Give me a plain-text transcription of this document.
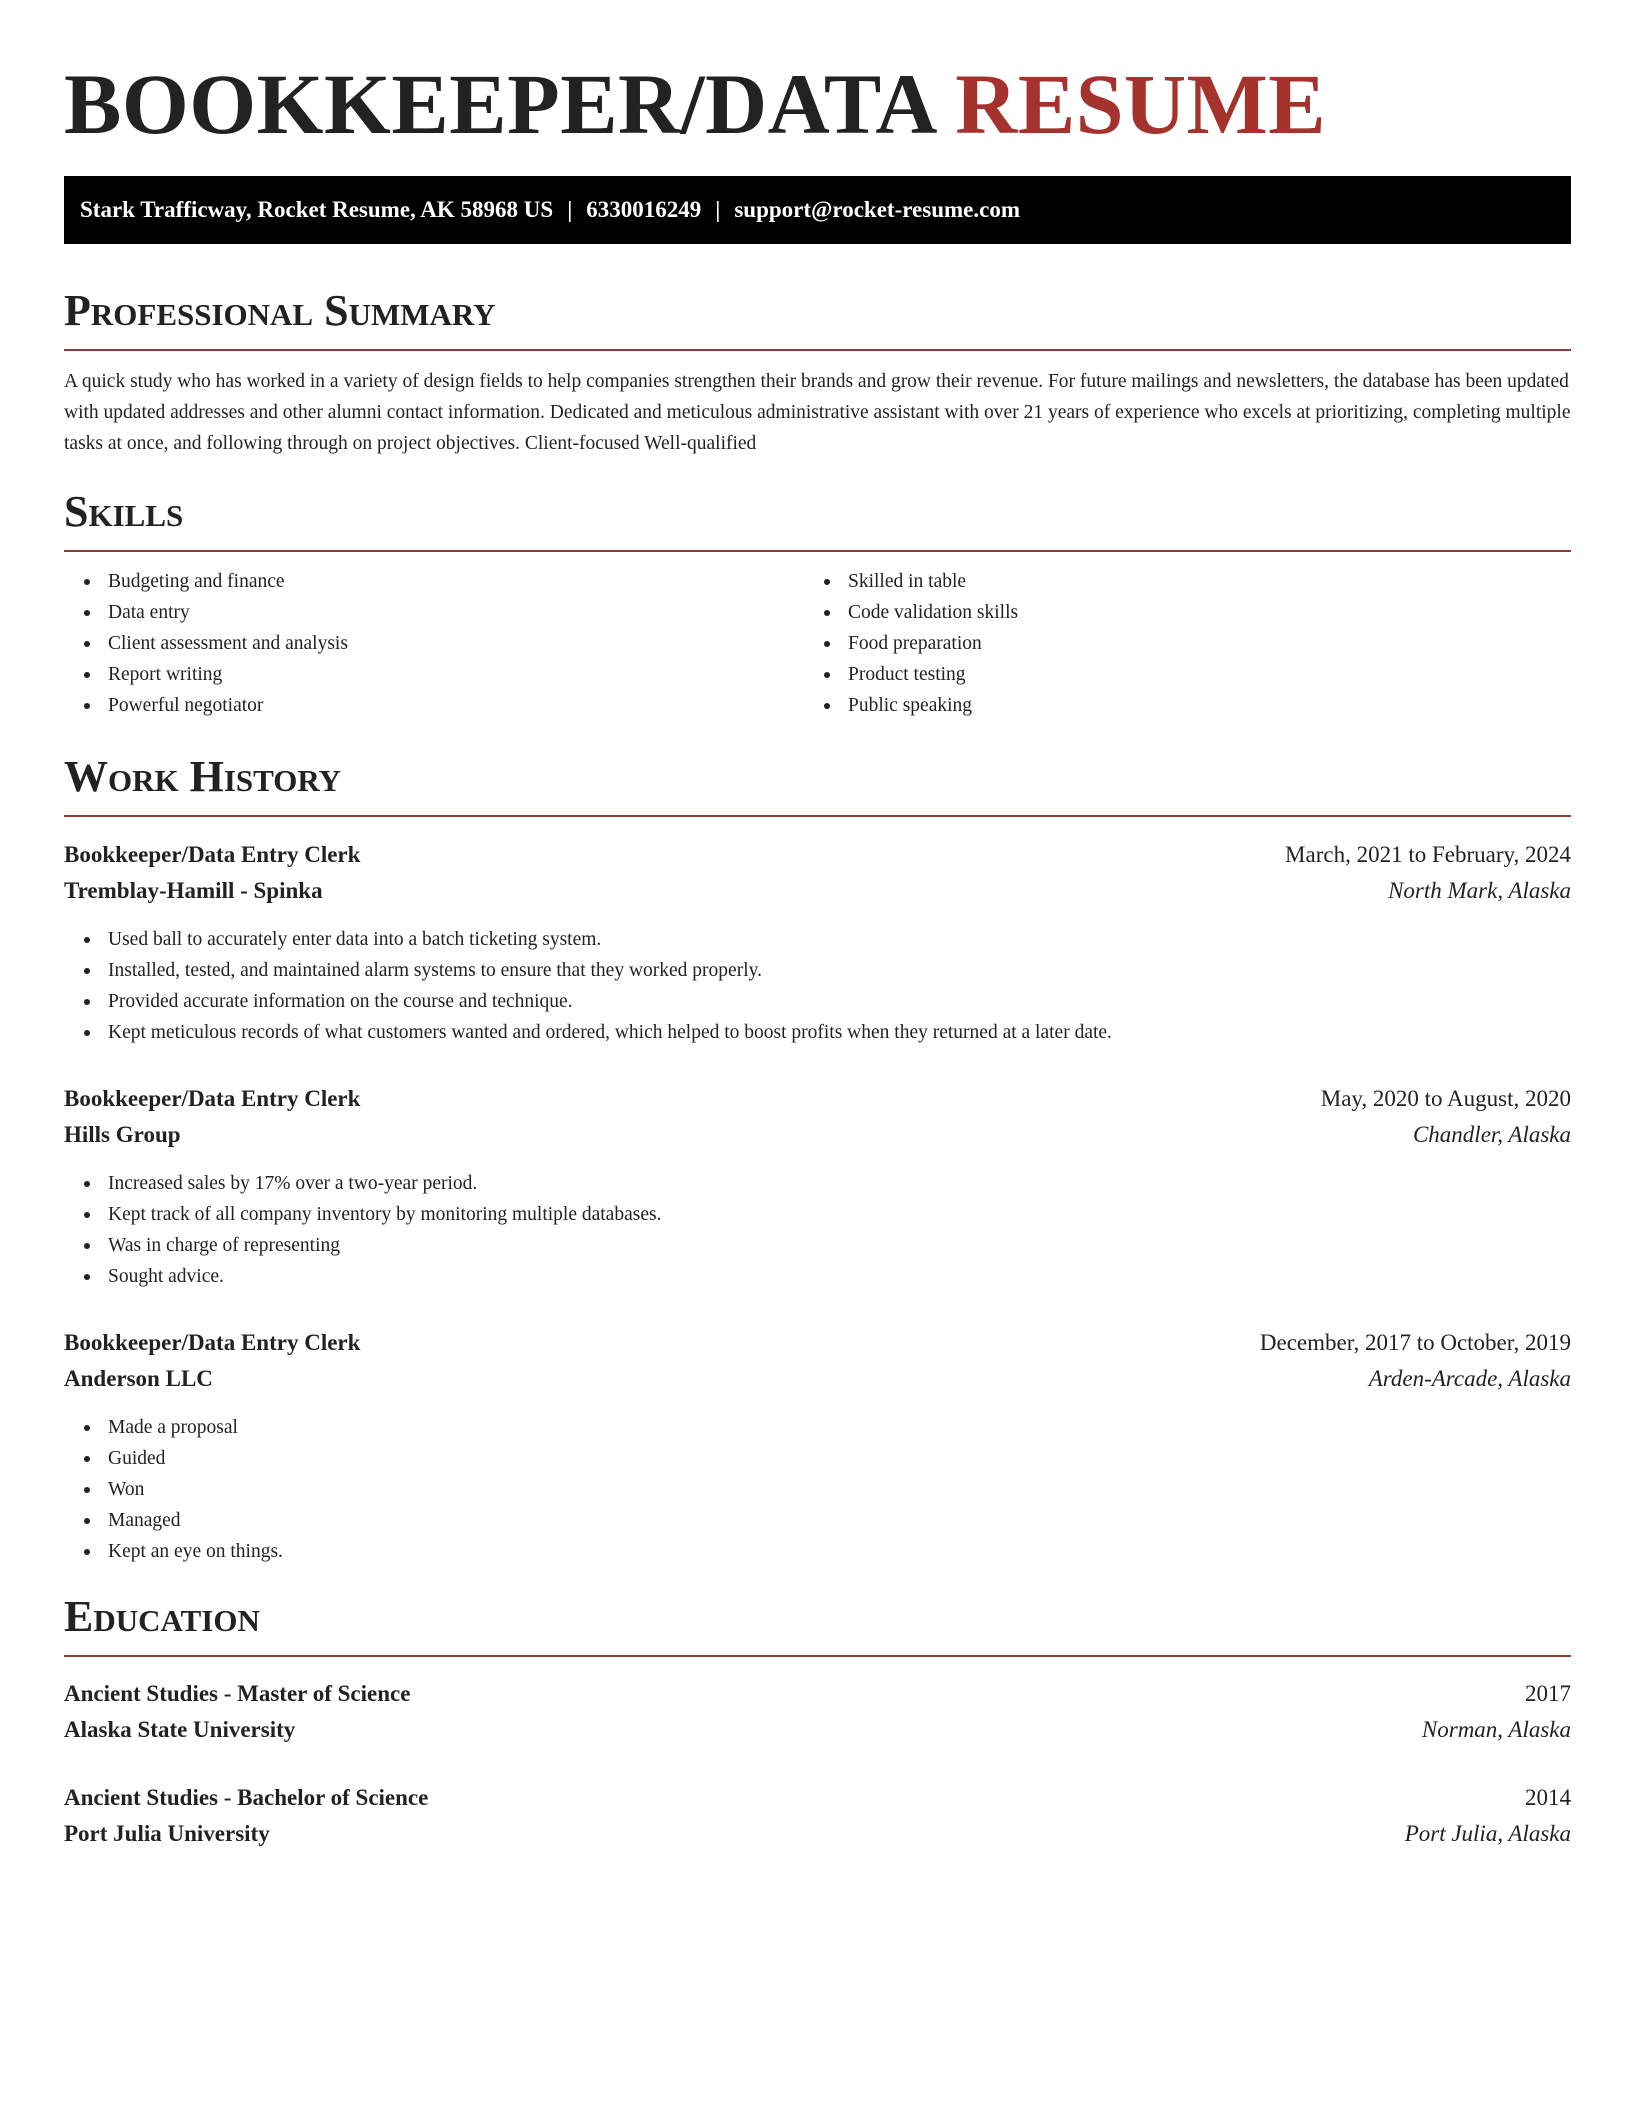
BOOKKEEPER/DATA RESUME
Stark Trafficway, Rocket Resume, AK 58968 US | 6330016249 | support@rocket-resume.com
Professional Summary

A quick study who has worked in a variety of design fields to help companies strengthen their brands and grow their revenue. For future mailings and newsletters, the database has been updated with updated addresses and other alumni contact information. Dedicated and meticulous administrative assistant with over 21 years of experience who excels at prioritizing, completing multiple tasks at once, and following through on project objectives. Client-focused Well-qualified

Skills
Budgeting and finance
Data entry
Client assessment and analysis
Report writing
Powerful negotiator
Skilled in table
Code validation skills
Food preparation
Product testing
Public speaking
Work History
Bookkeeper/Data Entry Clerk	March, 2021 to February, 2024
Tremblay-Hamill - Spinka	North Mark, Alaska
Used ball to accurately enter data into a batch ticketing system.
Installed, tested, and maintained alarm systems to ensure that they worked properly.
Provided accurate information on the course and technique.
Kept meticulous records of what customers wanted and ordered, which helped to boost profits when they returned at a later date.
Bookkeeper/Data Entry Clerk	May, 2020 to August, 2020
Hills Group	Chandler, Alaska
Increased sales by 17% over a two-year period.
Kept track of all company inventory by monitoring multiple databases.
Was in charge of representing
Sought advice.
Bookkeeper/Data Entry Clerk	December, 2017 to October, 2019
Anderson LLC	Arden-Arcade, Alaska
Made a proposal
Guided
Won
Managed
Kept an eye on things.
Education
Ancient Studies - Master of Science	2017
Alaska State University	Norman, Alaska
Ancient Studies - Bachelor of Science	2014
Port Julia University	Port Julia, Alaska
